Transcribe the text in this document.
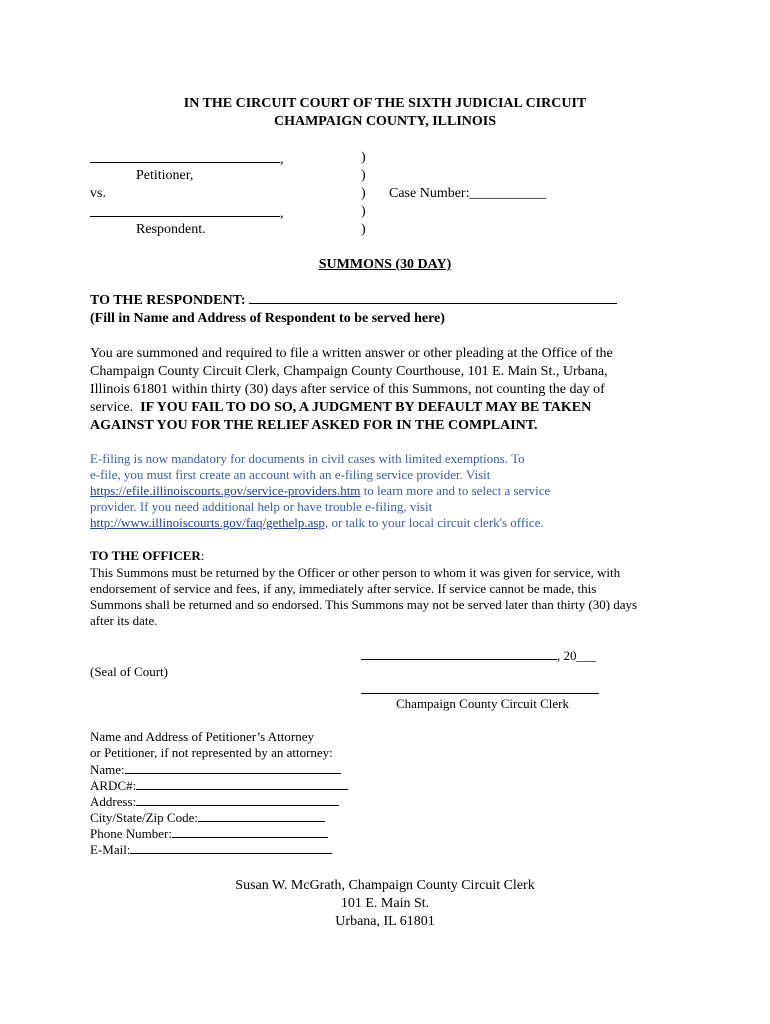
IN THE CIRCUIT COURT OF THE SIXTH JUDICIAL CIRCUIT
CHAMPAIGN COUNTY, ILLINOIS
,
Petitioner,
vs.
,
Respondent.
)
)
)
)
)
Case Number:___________
SUMMONS (30 DAY)
TO THE RESPONDENT:
(Fill in Name and Address of Respondent to be served here)
You are summoned and required to file a written answer or other pleading at the Office of the
Champaign County Circuit Clerk, Champaign County Courthouse, 101 E. Main St., Urbana,
Illinois 61801 within thirty (30) days after service of this Summons, not counting the day of
service. IF YOU FAIL TO DO SO, A JUDGMENT BY DEFAULT MAY BE TAKEN
AGAINST YOU FOR THE RELIEF ASKED FOR IN THE COMPLAINT.
E-filing is now mandatory for documents in civil cases with limited exemptions. To
e-file, you must first create an account with an e-filing service provider. Visit
https://efile.illinoiscourts.gov/service-providers.htm to learn more and to select a service
provider. If you need additional help or have trouble e-filing, visit
http://www.illinoiscourts.gov/faq/gethelp.asp, or talk to your local circuit clerk's office.
TO THE OFFICER:
This Summons must be returned by the Officer or other person to whom it was given for service, with
endorsement of service and fees, if any, immediately after service. If service cannot be made, this
Summons shall be returned and so endorsed. This Summons may not be served later than thirty (30) days
after its date.
, 20___
(Seal of Court)
Champaign County Circuit Clerk
Name and Address of Petitioner’s Attorney
or Petitioner, if not represented by an attorney:
Name:
ARDC#:
Address:
City/State/Zip Code:
Phone Number:
E-Mail:
Susan W. McGrath, Champaign County Circuit Clerk
101 E. Main St.
Urbana, IL 61801
